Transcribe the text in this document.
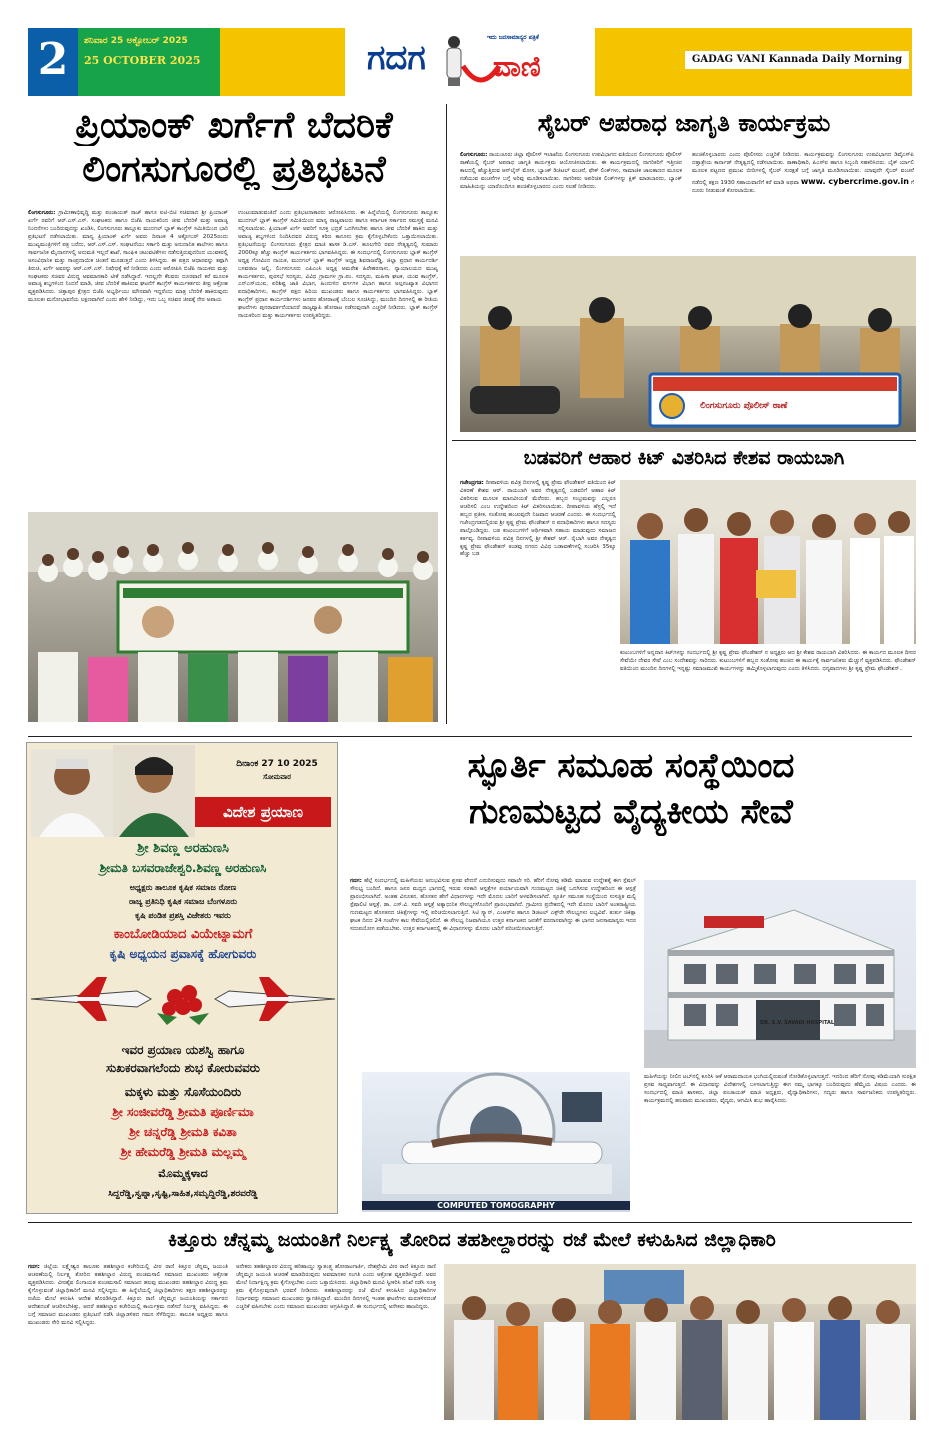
2	ಶನಿವಾರ 25 ಅಕ್ಟೋಬರ್ 2025
25 OCTOBER 2025	ಗದಗ ವಾಣಿ
ಇದು ಜನಸಾಮಾನ್ಯರ ಪತ್ರಿಕೆ
GADAG VANI Kannada Daily Morning
ಪ್ರಿಯಾಂಕ್ ಖರ್ಗೆಗೆ ಬೆದರಿಕೆ
ಲಿಂಗಸುಗೂರಲ್ಲಿ ಪ್ರತಿಭಟನೆ
ಲಿಂಗಸುಗೂರು: ಗ್ರಾಮೀಣಾಭಿವೃದ್ಧಿ ಮತ್ತು ಪಂಚಾಯತ್ ರಾಜ್ ಹಾಗೂ ಐಟಿ-ಬಿಟಿ ಸಚಿವರಾದ ಶ್ರೀ ಪ್ರಿಯಾಂಕ್ ಖರ್ಗೆ ರವರಿಗೆ ಆರ್.ಎಸ್.ಎಸ್. ಸಂಘಟಕರು ಹಾಗೂ ಬಿಜೆಪಿ ನಾಯಕರಿಂದ ಜೀವ ಬೆದರಿಕೆ ಮತ್ತು ಅವಾಚ್ಯ ನಿಂದನೆಗಳು ಬಂದಿರುವುದನ್ನು ಖಂಡಿಸಿ, ಲಿಂಗಸುಗೂರು ತಾಲ್ಲೂಕು ಮುದಗಲ್ ಬ್ಲಾಕ್ ಕಾಂಗ್ರೆಸ್ ಸಮಿತಿಯಿಂದ ಭಾರಿ ಪ್ರತಿಭಟನೆ ನಡೆಸಲಾಯಿತು. ಮಾನ್ಯ ಪ್ರಿಯಾಂಕ್ ಖರ್ಗೆ ಅವರು ದಿನಾಂಕ 4 ಅಕ್ಟೋಬರ್ 2025ರಂದು ಮುಖ್ಯಮಂತ್ರಿಗಳಿಗೆ ಪತ್ರ ಬರೆದು, ಆರ್.ಎಸ್.ಎಸ್. ಸಂಘಟನೆಯು ಸರ್ಕಾರಿ ಮತ್ತು ಅನುದಾನಿತ ಶಾಲೆಗಳು ಹಾಗೂ ಸಾರ್ವಜನಿಕ ಮೈದಾನಗಳಲ್ಲಿ ಅನುಮತಿ ಇಲ್ಲದೆ ಶಾಖೆ, ಸಾಂಘಿಕ ಚಟುವಟಿಕೆಗಳು ನಡೆಸುತ್ತಿರುವುದರಿಂದ ಯುವಕರಲ್ಲಿ ಅಸಂವಿಧಾನಿಕ ಮತ್ತು ಸಾಂಪ್ರದಾಯಿಕ ಚಿಂತನೆ ಮೂಡುತ್ತದೆ ಎಂದು ತಿಳಿಸಿದ್ದರು. ಈ ಪತ್ರದ ಆಧಾರವನ್ನು ತಪ್ಪಾಗಿ ತಿರುಚಿ, ಖರ್ಗೆ ಅವರನ್ನು ಆರ್.ಎಸ್.ಎಸ್. ನಿಷೇಧಕ್ಕೆ ಕರೆ ನೀಡಿದರು ಎಂದು ಆರೋಪಿಸಿ ಬಿಜೆಪಿ ನಾಯಕರು ಮತ್ತು ಸಂಘಟಕರು ಸಚಿವರ ವಿರುದ್ಧ ಅವಮಾನಕಾರಿ ಟೀಕೆ ನಡೆಸಿದ್ದಾರೆ. ಇದಲ್ಲದೇ ಕೆಲವರು ದೂರವಾಣಿ ಕರೆ ಮೂಲಕ ಅವಾಚ್ಯ ಶಬ್ದಗಳಿಂದ ನಿಂದನೆ ಮಾಡಿ, ಜೀವ ಬೆದರಿಕೆ ಹಾಕಿರುವ ಘಟನೆಗೆ ಕಾಂಗ್ರೆಸ್ ಕಾರ್ಯಕರ್ತರು ತೀವ್ರ ಆಕ್ರೋಶ ವ್ಯಕ್ತಪಡಿಸಿದರು. ಚಿತ್ತಾಪುರ ಕ್ಷೇತ್ರದ ಬಿಜೆಪಿ ಅಭ್ಯರ್ಥಿಯು ಮೌನವಾಗಿ ಇದ್ದರೆಂದು ಮಾತ್ರ ಬೆದರಿಕೆ ಹಾಕಿರುವುದು ಮೂಲತಃ ಮನೋಭಾವನೆಯ ಲಕ್ಷಣವಾಗಿದೆ ಎಂದು ಹೇಳಿ ನೀಡಿದ್ದು, ಇದು ಒಬ್ಬ ಸಚಿವರ ಜೀವಕ್ಕೆ ನೇರ ಅಪಾಯ
ಉಂಟುಮಾಡುವಂತಿದೆ ಎಂದು ಪ್ರತಿಭಟನಾಕಾರರು ಆರೋಪಿಸಿದರು. ಈ ಹಿನ್ನೆಲೆಯಲ್ಲಿ ಲಿಂಗಸುಗೂರು ತಾಲ್ಲೂಕು ಮುದಗಲ್ ಬ್ಲಾಕ್ ಕಾಂಗ್ರೆಸ್ ಸಮಿತಿಯಿಂದ ಮಾನ್ಯ ರಾಜ್ಯಪಾಲರು ಹಾಗೂ ಕರ್ನಾಟಕ ಸರ್ಕಾರದ ಸಮಸ್ತಕ್ಕೆ ಮನವಿ ಸಲ್ಲಿಸಲಾಯಿತು. ಪ್ರಿಯಾಂಕ್ ಖರ್ಗೆ ಅವರಿಗೆ ಸೂಕ್ತ ಭದ್ರತೆ ಒದಗಿಸಬೇಕು ಹಾಗೂ ಜೀವ ಬೆದರಿಕೆ ಹಾಕಿದ ಮತ್ತು ಅವಾಚ್ಯ ಶಬ್ದಗಳಿಂದ ನಿಂದಿಸಿದವರ ವಿರುದ್ಧ ಕಠಿಣ ಕಾನೂನು ಕ್ರಮ ಕೈಗೊಳ್ಳಬೇಕೆಂದು ಒತ್ತಾಯಿಸಲಾಯಿತು. ಪ್ರತಿಭಟನೆಯನ್ನು ಲಿಂಗಸುಗೂರು ಕ್ಷೇತ್ರದ ಮಾಜಿ ಶಾಸಕ ಡಿ.ಎಸ್. ಹೂಲಗೇರಿ ರವರ ನೇತೃತ್ವದಲ್ಲಿ ಸುಮಾರು 2000ಕ್ಕೂ ಹೆಚ್ಚು ಕಾಂಗ್ರೆಸ್ ಕಾರ್ಯಕರ್ತರು ಭಾಗವಹಿಸಿದ್ದರು. ಈ ಸಂದರ್ಭದಲ್ಲಿ ಲಿಂಗಸುಗೂರು ಬ್ಲಾಕ್ ಕಾಂಗ್ರೆಸ್ ಅಧ್ಯಕ್ಷ ಗೋವಿಂದ ನಾಯಕ, ಮುದಗಲ್ ಬ್ಲಾಕ್ ಕಾಂಗ್ರೆಸ್ ಅಧ್ಯಕ್ಷ ಶಿವರಾಜರೆಡ್ಡಿ, ಜಿಲ್ಲಾ ಪ್ರಧಾನ ಕಾರ್ಯದರ್ಶಿ ಬಸವರಾಜ ಜಲ್ಲಿ, ಲಿಂಗಸುಗೂರು ಎಪಿಎಂಸಿ ಅಧ್ಯಕ್ಷ ಅಮರೇಶ ಹಿರೇಹರನಾಳು, ನ್ಯಾಯಾಲಯದ ಮುಖ್ಯ ಕಾರ್ಯಕರ್ತರು, ಪುರಸಭೆ ಸದಸ್ಯರು, ವಿವಿಧ ಗ್ರಾಮಗಳ ಗ್ರಾ.ಪಂ. ಸದಸ್ಯರು, ಮಹಿಳಾ ಘಟಕ, ಯುವ ಕಾಂಗ್ರೆಸ್, ಎನ್‌ಎಸ್‌ಯುಐ, ಪರಿಶಿಷ್ಟ ಜಾತಿ ವಿಭಾಗ, ಹಿಂದುಳಿದ ವರ್ಗಗಳ ವಿಭಾಗ ಹಾಗೂ ಅಲ್ಪಸಂಖ್ಯಾತ ವಿಭಾಗದ ಪದಾಧಿಕಾರಿಗಳು, ಕಾಂಗ್ರೆಸ್ ಪಕ್ಷದ ಹಿರಿಯ ಮುಖಂಡರು ಹಾಗೂ ಕಾರ್ಯಕರ್ತರು ಭಾಗವಹಿಸಿದ್ದರು. ಬ್ಲಾಕ್ ಕಾಂಗ್ರೆಸ್ ಪ್ರಧಾನ ಕಾರ್ಯದರ್ಶಿಗಳು ಜನಪರ ಹೋರಾಟಕ್ಕೆ ಬೆಂಬಲ ಸೂಚಿಸಿದ್ದು, ಮುಂದಿನ ದಿನಗಳಲ್ಲಿ ಈ ರೀತಿಯ ಘಟನೆಗಳು ಪುನರಾವರ್ತನೆಯಾದರೆ ರಾಜ್ಯವ್ಯಾಪಿ ಹೋರಾಟ ನಡೆಸುವುದಾಗಿ ಎಚ್ಚರಿಕೆ ನೀಡಿದರು. ಬ್ಲಾಕ್ ಕಾಂಗ್ರೆಸ್ ನಾಯಕರಿಂದ ಮತ್ತು ಕಾರ್ಯಕರ್ತರು ಉಪಸ್ಥಿತರಿದ್ದರು.
ಸೈಬರ್ ಅಪರಾಧ ಜಾಗೃತಿ ಕಾರ್ಯಕ್ರಮ
ಲಿಂಗಸುಗೂರು: ರಾಯಚೂರು ಜಿಲ್ಲಾ ಪೊಲೀಸ್ ಇಲಾಖೆಯ ಲಿಂಗಸುಗೂರು ಉಪವಿಭಾಗದ ವತಿಯಿಂದ ಲಿಂಗಸುಗೂರು ಪೊಲೀಸ್ ಠಾಣೆಯಲ್ಲಿ ಸೈಬರ್ ಅಪರಾಧ ಜಾಗೃತಿ ಕಾರ್ಯಕ್ರಮ ಆಯೋಜಿಸಲಾಯಿತು. ಈ ಕಾರ್ಯಕ್ರಮದಲ್ಲಿ ನಾಗರಿಕರಿಗೆ ಇತ್ತೀಚಿನ ಕಾಲದಲ್ಲಿ ಹೆಚ್ಚುತ್ತಿರುವ ಆನ್‌ಲೈನ್ ಮೋಸ, ಬ್ಯಾಂಕ್ ಡಿಜಿಟಲ್ ವಂಚನೆ, ಫೇಕ್ ಲಿಂಕ್‌ಗಳು, ಸಾಮಾಜಿಕ ಜಾಲತಾಣದ ಮೂಲಕ ನಡೆಯುವ ವಂಚನೆಗಳ ಬಗ್ಗೆ ಅರಿವು ಮೂಡಿಸಲಾಯಿತು. ನಾಗರಿಕರು ಅಪರಿಚಿತ ಲಿಂಕ್‌ಗಳನ್ನು ಕ್ಲಿಕ್ ಮಾಡಬಾರದು, ಬ್ಯಾಂಕ್ ಮಾಹಿತಿಯನ್ನು ಯಾರೊಂದಿಗೂ ಹಂಚಿಕೊಳ್ಳಬಾರದು ಎಂದು ಸಲಹೆ ನೀಡಿದರು.
ಹಂಚಿಕೊಳ್ಳಬಾರದು ಎಂದು ಪೊಲೀಸರು ಎಚ್ಚರಿಕೆ ನೀಡಿದರು. ಕಾರ್ಯಕ್ರಮವನ್ನು ಲಿಂಗಸುಗೂರು ಉಪವಿಭಾಗದ ಡಿವೈಎಸ್‌ಪಿ ದತ್ತಾತ್ರೇಯ ಕಾರ್ನಾಡ್ ನೇತೃತ್ವದಲ್ಲಿ ನಡೆಸಲಾಯಿತು. ಠಾಣಾಧಿಕಾರಿ, ಪಿಎಸ್‌ಐ ಹಾಗೂ ಸಿಬ್ಬಂದಿ ಸಹಕರಿಸಿದರು. ಬೈಕ್ ರ್ಯಾಲಿ ಮೂಲಕ ಪಟ್ಟಣದ ಪ್ರಮುಖ ಬೀದಿಗಳಲ್ಲಿ ಸೈಬರ್ ಸುರಕ್ಷತೆ ಬಗ್ಗೆ ಜಾಗೃತಿ ಮೂಡಿಸಲಾಯಿತು. ಯಾವುದೇ ಸೈಬರ್ ವಂಚನೆ ನಡೆದಲ್ಲಿ ತಕ್ಷಣ 1930 ಸಹಾಯವಾಣಿಗೆ ಕರೆ ಮಾಡಿ ಅಥವಾ www. cybercrime.gov.in ಗೆ ದೂರು ನೀಡುವಂತೆ ಕೋರಲಾಯಿತು.
ಲಿಂಗಸುಗೂರು ಪೊಲೀಸ್ ಠಾಣೆ
ಬಡವರಿಗೆ ಆಹಾರ ಕಿಟ್ ವಿತರಿಸಿದ ಕೇಶವ ರಾಯಬಾಗಿ
ಗಜೇಂದ್ರಗಡ: ದೀಪಾವಳಿಯ ಪವಿತ್ರ ದಿನಗಳಲ್ಲಿ ಕೃಷ್ಣ ಪ್ರೇಮ ಫೌಂಡೇಶನ್ ವತಿಯಿಂದ ಕಿಟ್ ವಿತರಣೆ ಕೇಶವ ಆರ್. ರಾಯಬಾಗಿ ಅವರ ನೇತೃತ್ವದಲ್ಲಿ ಬಡವರಿಗೆ ಆಹಾರ ಕಿಟ್ ವಿತರಿಸುವ ಮೂಲಕ ಮಾನವೀಯತೆ ಮೆರೆದರು. ಹಬ್ಬದ ಸಂಭ್ರಮವನ್ನು ಎಲ್ಲರೂ ಆಚರಿಸಲಿ ಎಂಬ ಉದ್ದೇಶದಿಂದ ಕಿಟ್ ವಿತರಿಸಲಾಯಿತು. ದೀಪಾವಳಿಯ ಹೆಸ್ರಲ್ಲಿ ಇದೆ ಹಬ್ಬದ ಪ್ರತೀಕ, ಸಂತೋಷ ಹಂಚುವುದೇ ನಿಜವಾದ ಆಚರಣೆ ಎಂದರು. ಈ ಸಂದರ್ಭದಲ್ಲಿ ಗಜೇಂದ್ರಗಡದಲ್ಲಿರುವ ಶ್ರೀ ಕೃಷ್ಣ ಪ್ರೇಮ ಫೌಂಡೇಶನ್ ನ ಪದಾಧಿಕಾರಿಗಳು ಹಾಗೂ ಸದಸ್ಯರು ಪಾಲ್ಗೊಂಡಿದ್ದರು. ಬಡ ಕುಟುಂಬಗಳಿಗೆ ಆರ್ಥಿಕವಾಗಿ ಸಹಾಯ ಮಾಡುವುದು ಸಮಾಜದ ಕರ್ತವ್ಯ. ದೀಪಾವಳಿಯ ಪವಿತ್ರ ದಿನಗಳಲ್ಲಿ ಶ್ರೀ ಕೇಶವ್ ಆರ್. ರೈಬಾಗಿ ಅವರ ನೇತೃತ್ವದ ಕೃಷ್ಣ ಪ್ರೇಮ ಫೌಂಡೇಶನ್ ತಂಡವು ನಗರದ ವಿವಿಧ ಬಡಾವಣೆಗಳಲ್ಲಿ ಸಂಚರಿಸಿ 35ಕ್ಕೂ ಹೆಚ್ಚು ಬಡ
ಕುಟುಂಬಗಳಿಗೆ ಅನ್ನದಾನ ಕಿಟ್‌ಗಳನ್ನು ಸಂದರ್ಭದಲ್ಲಿ ಶ್ರೀ ಕೃಷ್ಣ ಪ್ರೇಮ ಫೌಂಡೇಶನ್ ನ ಅಧ್ಯಕ್ಷರು ಆದ ಶ್ರೀ ಕೇಶವ ರಾಯಬಾಗಿ ವಿತರಿಸಿದರು. ಈ ಕಾರ್ಯದ ಮೂಲಕ ದೀನರ ಸೇವೆಯೇ ದೇವರ ಸೇವೆ ಎಂಬ ಸಂದೇಶವನ್ನು ಸಾರಿದರು. ಕುಟುಂಬಗಳಿಗೆ ಹಬ್ಬದ ಸಂತೋಷ ಹಂಚಿದ ಈ ಕಾರ್ಯಕ್ಕೆ ಸಾರ್ವಜನಿಕರು ಮೆಚ್ಚುಗೆ ವ್ಯಕ್ತಪಡಿಸಿದರು. ಫೌಂಡೇಶನ್ ವತಿಯಿಂದ ಮುಂದಿನ ದಿನಗಳಲ್ಲಿ ಇನ್ನಷ್ಟು ಸಮಾಜಮುಖಿ ಕಾರ್ಯಗಳನ್ನು ಹಮ್ಮಿಕೊಳ್ಳಲಾಗುವುದು ಎಂದು ತಿಳಿಸಿದರು. ಧನ್ಯವಾದಗಳು ಶ್ರೀ ಕೃಷ್ಣ ಪ್ರೇಮ ಫೌಂಡೇಶನ್..
ದಿನಾಂಕ 27 10 2025
ಸೋಮವಾರ
ವಿದೇಶ ಪ್ರಯಾಣ
ಶ್ರೀ ಶಿವಣ್ಣ ಅರಹುಣಸಿ
ಶ್ರೀಮತಿ ಬಸವರಾಜೇಶ್ವರಿ.ಶಿವಣ್ಣ ಅರಹುಣಸಿ
ಅಧ್ಯಕ್ಷರು ತಾಲೂಕ ಕೃಷಿಕ ಸಮಾಜ ರೋಣ
ರಾಜ್ಯ ಪ್ರತಿನಿಧಿ ಕೃಷಿಕ ಸಮಾಜ ಬೆಂಗಳೂರು
ಕೃಷಿ ಪಂಡಿತ ಪ್ರಶಸ್ತಿ ವಿಜೇತರು ಇವರು
ಕಾಂಬೋಡಿಯಾದ ವಿಯೇಟ್ನಾಮಗೆ
ಕೃಷಿ ಅಧ್ಯಯನ ಪ್ರವಾಸಕ್ಕೆ ಹೋಗುವರು
ಇವರ ಪ್ರಯಾಣ ಯಶಸ್ವಿ ಹಾಗೂ
ಸುಖಕರವಾಗಲೆಂದು ಶುಭ ಕೋರುವವರು
ಮಕ್ಕಳು ಮತ್ತು ಸೊಸೆಯಂದಿರು
ಶ್ರೀ ಸಂಜೀವರೆಡ್ಡಿ ಶ್ರೀಮತಿ ಪೂರ್ಣಿಮಾ
ಶ್ರೀ ಚನ್ನರೆಡ್ಡಿ ಶ್ರೀಮತಿ ಕವಿತಾ
ಶ್ರೀ ಹೇಮರೆಡ್ಡಿ ಶ್ರೀಮತಿ ಮಲ್ಲಮ್ಮ
ಮೊಮ್ಮಕ್ಕಳಾದ
ಸಿದ್ಧರೆಡ್ಡಿ,ಸ್ವಪ್ನಾ,ಸೃಷ್ಟಿ,ಸಾಹಿತ,ಸಮೃದ್ಧಿರೆಡ್ಡಿ,ಶರವರೆಡ್ಡಿ
ಸ್ಫೂರ್ತಿ ಸಮೂಹ ಸಂಸ್ಥೆಯಿಂದ
ಗುಣಮಟ್ಟದ ವೈದ್ಯಕೀಯ ಸೇವೆ
ಗದಗ: ಹೆಲ್ಗೆ ಸಂದರ್ಭದಲ್ಲಿ ಮಹಿಳೆಯರು ಅನುಭವಿಸುವ ಪ್ರಸವ ವೇದನೆ ಎದುರಿಸುವುದು ಸವಾಲೇ ಸರಿ. ಹೆರಿಗೆ ನೋವು ಕಡಿಮೆ ಮಾಡುವ ಉದ್ದೇಶಕ್ಕೆ ಈಗ ಸ್ಪೆಷಲ್ ಸೌಲಭ್ಯ ಬಂದಿದೆ. ಹಾಗೂ ಜನರ ಮಧ್ಯದ ಭಾಗದಲ್ಲಿ ಇರುವ ಸರಕಾರಿ ಆಸ್ಪತ್ರೆಗಳ ಪರ್ಯಾಯವಾಗಿ ಗುಣಮಟ್ಟದ ಚಿಕಿತ್ಸೆ ಒದಗಿಸುವ ಉದ್ದೇಶದಿಂದ ಈ ಆಸ್ಪತ್ರೆ ಪ್ರಾರಂಭಿಸಲಾಗಿದೆ. ಅಂತಹ ವಿನೂತನ, ಹೊಸತನ ಹೇಗೆ ವಿಧಾನಗಳನ್ನು ಇದೇ ಮೊದಲ ಬಾರಿಗೆ ಅಳವಡಿಸಲಾಗಿದೆ. ಸ್ಫೂರ್ತಿ ಸಮೂಹ ಸಂಸ್ಥೆಯಿಂದ ಸುಸಜ್ಜಿತ ಮಲ್ಟಿ ಸ್ಪೆಷಾಲಿಟಿ ಆಸ್ಪತ್ರೆ, ಡಾ. ಎಸ್.ವಿ. ಸವದಿ ಆಸ್ಪತ್ರೆ ಅತ್ಯಾಧುನಿಕ ಸೌಲಭ್ಯಗಳೊಂದಿಗೆ ಪ್ರಾರಂಭವಾಗಿದೆ. ಗ್ರಾಮೀಣ ಪ್ರದೇಶದಲ್ಲಿ ಇದೇ ಮೊದಲ ಬಾರಿಗೆ ಅಂತರಾಷ್ಟ್ರೀಯ ಗುಣಮಟ್ಟದ ಹೊಸತನದ ಚಿಕಿತ್ಸೆಗಳನ್ನು ಇಲ್ಲಿ ಪರಿಚಯಿಸಲಾಗುತ್ತಿದೆ. ಸಿಟಿ ಸ್ಕ್ಯಾನ್, ಎಂಆರ್‌ಐ ಹಾಗೂ ಡಿಜಿಟಲ್ ಎಕ್ಸ್‌ರೇ ಸೌಲಭ್ಯಗಳು ಲಭ್ಯವಿವೆ. ತುರ್ತು ಚಿಕಿತ್ಸಾ ಘಟಕ ದಿನದ 24 ಗಂಟೆಗಳ ಕಾಲ ಸೇವೆಯಲ್ಲಿರಲಿದೆ. ಈ ಸೌಲಭ್ಯ ನಿಜವಾಗಿಯೂ ಉತ್ತರ ಕರ್ನಾಟಕದ ಜನತೆಗೆ ವರದಾನವಾಗಿದ್ದು ಈ ಭಾಗದ ಜನಸಾಮಾನ್ಯರು ಇದರ ಸದುಪಯೋಗ ಪಡೆಯಬೇಕು. ಉತ್ತರ ಕರ್ನಾಟಕದಲ್ಲಿ ಈ ವಿಧಾನಗಳನ್ನು ಮೊದಲ ಬಾರಿಗೆ ಪರಿಚಯಿಸಲಾಗುತ್ತಿದೆ.
DR. S.V. SAVADI HOSPITAL
COMPUTED TOMOGRAPHY
ಮಹಿಳೆಯನ್ನು ನೀಲಿನ ಟಬ್‌ನಲ್ಲಿ ಕೂರಿಸಿ ಆಕೆ ಆರಾಮದಾಯಕ ಭಂಗಿಯಲ್ಲಿರುವಂತೆ ನೋಡಿಕೊಳ್ಳಲಾಗುತ್ತದೆ. ಇದರಿಂದ ಹೆರಿಗೆ ನೋವು ಕಡಿಮೆಯಾಗಿ ಸುರಕ್ಷಿತ ಪ್ರಸವ ಸಾಧ್ಯವಾಗುತ್ತದೆ. ಈ ವಿಧಾನವನ್ನು ವಿದೇಶಗಳಲ್ಲಿ ಬಳಸಲಾಗುತ್ತಿದ್ದು ಈಗ ನಮ್ಮ ಭಾಗಕ್ಕೂ ಬಂದಿರುವುದು ಹೆಮ್ಮೆಯ ವಿಷಯ ಎಂದರು. ಈ ಸಂದರ್ಭದಲ್ಲಿ ಮಾಜಿ ಶಾಸಕರು, ಜಿಲ್ಲಾ ಪಂಚಾಯತ್ ಮಾಜಿ ಅಧ್ಯಕ್ಷರು, ವೈದ್ಯಾಧಿಕಾರಿಗಳು, ಗಣ್ಯರು ಹಾಗೂ ಸಾರ್ವಜನಿಕರು ಉಪಸ್ಥಿತರಿದ್ದರು. ಕಾರ್ಯಕ್ರಮದಲ್ಲಿ ಹಲವಾರು ಮುಖಂಡರು, ವೈದ್ಯರು, ಆಗಮಿಸಿ ಶುಭ ಹಾರೈಸಿದರು.
ಕಿತ್ತೂರು ಚೆನ್ನಮ್ಮ ಜಯಂತಿಗೆ ನಿರ್ಲಕ್ಷ್ಯ ತೋರಿದ ತಹಶೀಲ್ದಾರರನ್ನು ರಜೆ ಮೇಲೆ ಕಳುಹಿಸಿದ ಜಿಲ್ಲಾಧಿಕಾರಿ
ಗದಗ: ಜಿಲ್ಲೆಯ ಲಕ್ಷ್ಮೇಶ್ವರ ತಾಲೂಕು ತಹಶೀಲ್ದಾರ ಕಚೇರಿಯಲ್ಲಿ ವೀರ ರಾಣಿ ಕಿತ್ತೂರ ಚೆನ್ನಮ್ಮ ಜಯಂತಿ ಆಚರಣೆಯಲ್ಲಿ ನಿರ್ಲಕ್ಷ್ಯ ತೋರಿದ ತಹಶೀಲ್ದಾರ ವಿರುದ್ಧ ಪಂಚಮಸಾಲಿ ಸಮಾಜದ ಮುಖಂಡರು ಆಕ್ರೋಶ ವ್ಯಕ್ತಪಡಿಸಿದರು. ವೀರಶೈವ ಲಿಂಗಾಯತ ಪಂಚಮಸಾಲಿ ಸಮಾಜದ ಹಲವು ಮುಖಂಡರು ತಹಶೀಲ್ದಾರ ವಿರುದ್ಧ ಕ್ರಮ ಕೈಗೊಳ್ಳುವಂತೆ ಜಿಲ್ಲಾಧಿಕಾರಿಗೆ ಮನವಿ ಸಲ್ಲಿಸಿದ್ದರು. ಈ ಹಿನ್ನೆಲೆಯಲ್ಲಿ ಜಿಲ್ಲಾಧಿಕಾರಿಗಳು ತಕ್ಷಣ ತಹಶೀಲ್ದಾರರನ್ನು ರಜೆಯ ಮೇಲೆ ಕಳುಹಿಸಿ ಆದೇಶ ಹೊರಡಿಸಿದ್ದಾರೆ. ಕಿತ್ತೂರು ರಾಣಿ ಚೆನ್ನಮ್ಮನ ಜಯಂತಿಯನ್ನು ಸರ್ಕಾರದ ಆದೇಶದಂತೆ ಆಚರಿಸಬೇಕಿತ್ತು, ಆದರೆ ತಹಶೀಲ್ದಾರ ಕಚೇರಿಯಲ್ಲಿ ಕಾರ್ಯಕ್ರಮ ನಡೆಸದೆ ನಿರ್ಲಕ್ಷ್ಯ ವಹಿಸಿದ್ದರು. ಈ ಬಗ್ಗೆ ಸಮಾಜದ ಮುಖಂಡರು ಪ್ರತಿಭಟನೆ ನಡೆಸಿ ಜಿಲ್ಲಾಡಳಿತದ ಗಮನ ಸೆಳೆದಿದ್ದರು. ತಾಲೂಕ ಅಧ್ಯಕ್ಷರು ಹಾಗೂ ಮುಖಂಡರು ಸೇರಿ ಮನವಿ ಸಲ್ಲಿಸಿದ್ದರು.
ಅನೇಕರು ತಹಶೀಲ್ದಾರರ ವಿರುದ್ಧ ಹರಿಹಾಯ್ದು ಸ್ವಾತಂತ್ರ್ಯ ಹೋರಾಟಗಾರ್ತಿ, ದೇಶಪ್ರೇಮಿ ವೀರ ರಾಣಿ ಕಿತ್ತೂರು ರಾಣಿ ಚೆನ್ನಮ್ಮನ ಜಯಂತಿ ಆಚರಣೆ ಮಾಡದಿರುವುದು ಅವಮಾನಕರ ಸಂಗತಿ ಎಂದು ಆಕ್ರೋಶ ವ್ಯಕ್ತಪಡಿಸಿದ್ದಾರೆ. ಅವರ ಮೇಲೆ ನಿರ್ದಾಕ್ಷಿಣ್ಯ ಕ್ರಮ ಕೈಗೊಳ್ಳಬೇಕು ಎಂದು ಒತ್ತಾಯಿಸಿದರು. ಜಿಲ್ಲಾಧಿಕಾರಿ ಮನವಿ ಸ್ವೀಕರಿಸಿ ತನಿಖೆ ನಡೆಸಿ ಸೂಕ್ತ ಕ್ರಮ ಕೈಗೊಳ್ಳುವುದಾಗಿ ಭರವಸೆ ನೀಡಿದರು. ತಹಶೀಲ್ದಾರರನ್ನು ರಜೆ ಮೇಲೆ ಕಳುಹಿಸಿದ ಜಿಲ್ಲಾಧಿಕಾರಿಗಳ ನಿರ್ಧಾರವನ್ನು ಸಮಾಜದ ಮುಖಂಡರು ಸ್ವಾಗತಿಸಿದ್ದಾರೆ. ಮುಂದಿನ ದಿನಗಳಲ್ಲಿ ಇಂತಹ ಘಟನೆಗಳು ಮರುಕಳಿಸದಂತೆ ಎಚ್ಚರಿಕೆ ವಹಿಸಬೇಕು ಎಂದು ಸಮಾಜದ ಮುಖಂಡರು ಆಗ್ರಹಿಸಿದ್ದಾರೆ. ಈ ಸಂದರ್ಭದಲ್ಲಿ ಅನೇಕರು ಹಾಜರಿದ್ದರು.
